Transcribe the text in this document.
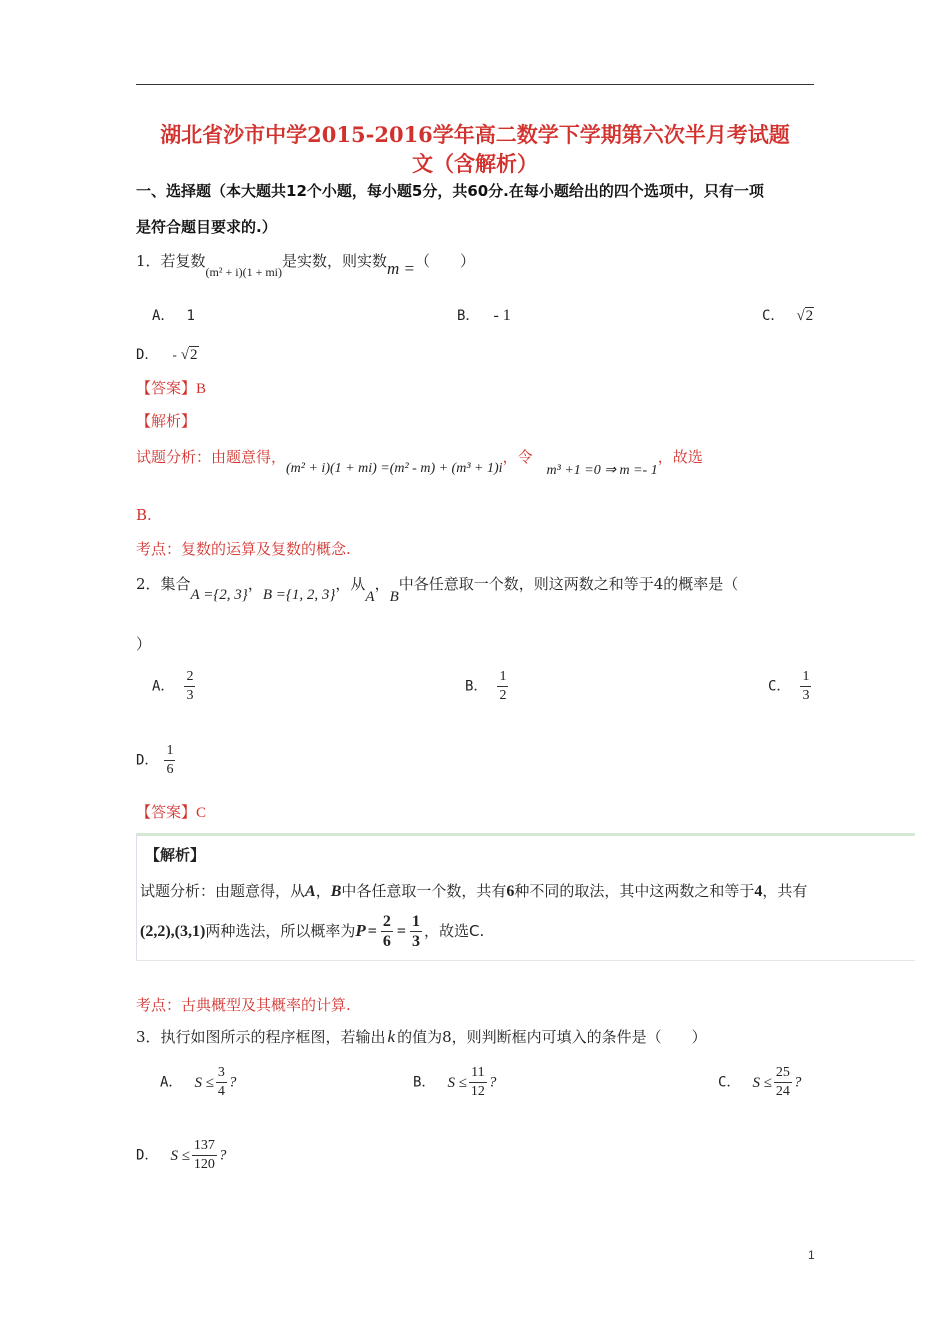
湖北省沙市中学2015-2016学年高二数学下学期第六次半月考试题
文（含解析）
一、选择题（本大题共12个小题，每小题5分，共60分.在每小题给出的四个选项中，只有一项
是符合题目要求的.）
1．若复数$_{(m^2 + i)(1 + mi)}$是实数，则实数m =（　　）
A． 1	B． - 1	C． √2
D． - √2
【答案】B
【解析】
试题分析：由题意得，(m² + i)(1 + mi) =(m² - m) + (m³ + 1)i，令m³ +1 =0 ⇒ m =- 1，故选
B.
考点：复数的运算及复数的概念.
2．集合A ={2, 3}，B ={1, 2, 3}，从A，B中各任意取一个数，则这两数之和等于4的概率是（
）
A． $\frac{2}{3}$	B． $\frac{1}{2}$	C． $\frac{1}{3}$
D． $\frac{1}{6}$
【答案】C
【解析】
试题分析：由题意得，从A，B中各任意取一个数，共有6种不同的取法，其中这两数之和等于4，共有
(2,2),(3,1)两种选法，所以概率为$P = \frac{2}{6} = \frac{1}{3}$ ，故选C.
考点：古典概型及其概率的计算.
3．执行如图所示的程序框图，若输出 k 的值为8，则判断框内可填入的条件是（　　）
A． $S \le \frac{3}{4}$ ?	B． $S \le \frac{11}{12}$ ?	C． $S \le \frac{25}{24}$ ?
D． $S \le \frac{137}{120}$ ?
1
